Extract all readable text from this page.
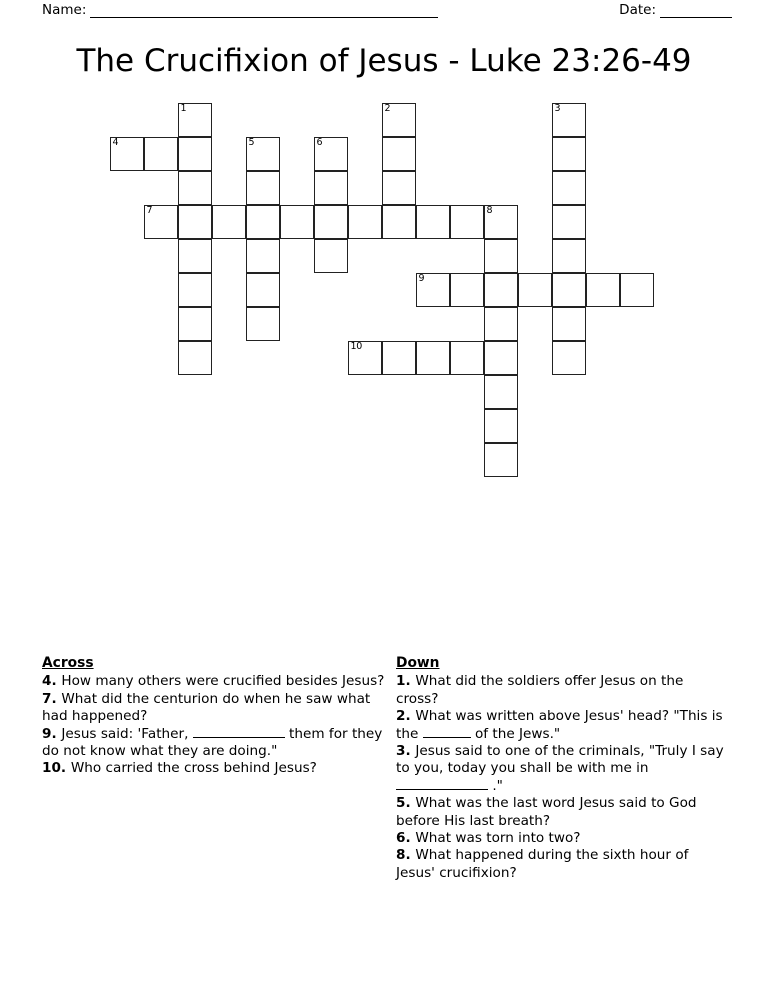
Name:	Date:
The Crucifixion of Jesus - Luke 23:26-49
1	2	3
4	5	6
7	8
9
10
Across
4. How many others were crucified besides Jesus?
7. What did the centurion do when he saw what had happened?
9. Jesus said: 'Father,	them for they do not know what they are doing."
10. Who carried the cross behind Jesus?
Down
1. What did the soldiers offer Jesus on the cross?
2. What was written above Jesus' head? "This is the	of the Jews."
3. Jesus said to one of the criminals, "Truly I say to you, today you shall be with me in  ."
5. What was the last word Jesus said to God before His last breath?
6. What was torn into two?
8. What happened during the sixth hour of Jesus' crucifixion?
